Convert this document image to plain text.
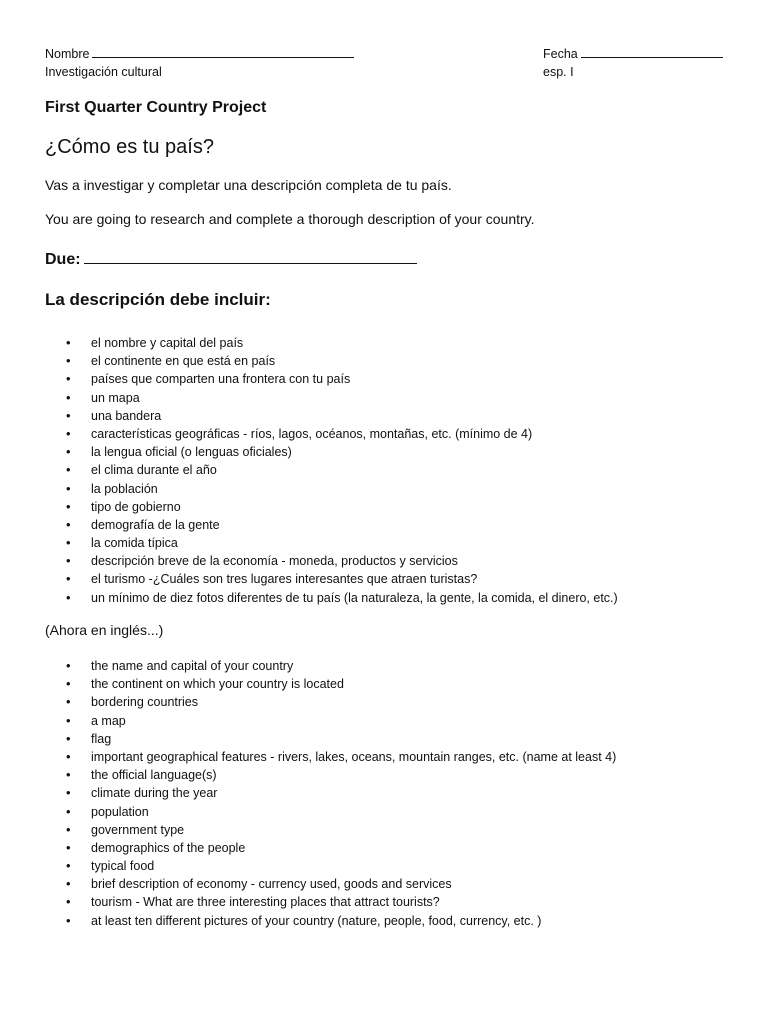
Nombre
Investigación cultural
Fecha
esp. I
First Quarter Country Project
¿Cómo es tu país?
Vas a investigar y completar una descripción completa de tu país.
You are going to research and complete a thorough description of your country.
Due:
La descripción debe incluir:
• el nombre y capital del país
• el continente en que está en país
• países que comparten una frontera con tu país
• un mapa
• una bandera
• características geográficas - ríos, lagos, océanos, montañas, etc. (mínimo de 4)
• la lengua oficial (o lenguas oficiales)
• el clima durante el año
• la población
• tipo de gobierno
• demografía de la gente
• la comida típica
• descripción breve de la economía - moneda, productos y servicios
• el turismo -¿Cuáles son tres lugares interesantes que atraen turistas?
• un mínimo de diez fotos diferentes de tu país (la naturaleza, la gente, la comida, el dinero, etc.)
(Ahora en inglés...)
• the name and capital of your country
• the continent on which your country is located
• bordering countries
• a map
• flag
• important geographical features - rivers, lakes, oceans, mountain ranges, etc. (name at least 4)
• the official language(s)
• climate during the year
• population
• government type
• demographics of the people
• typical food
• brief description of economy - currency used, goods and services
• tourism - What are three interesting places that attract tourists?
• at least ten different pictures of your country (nature, people, food, currency, etc. )
